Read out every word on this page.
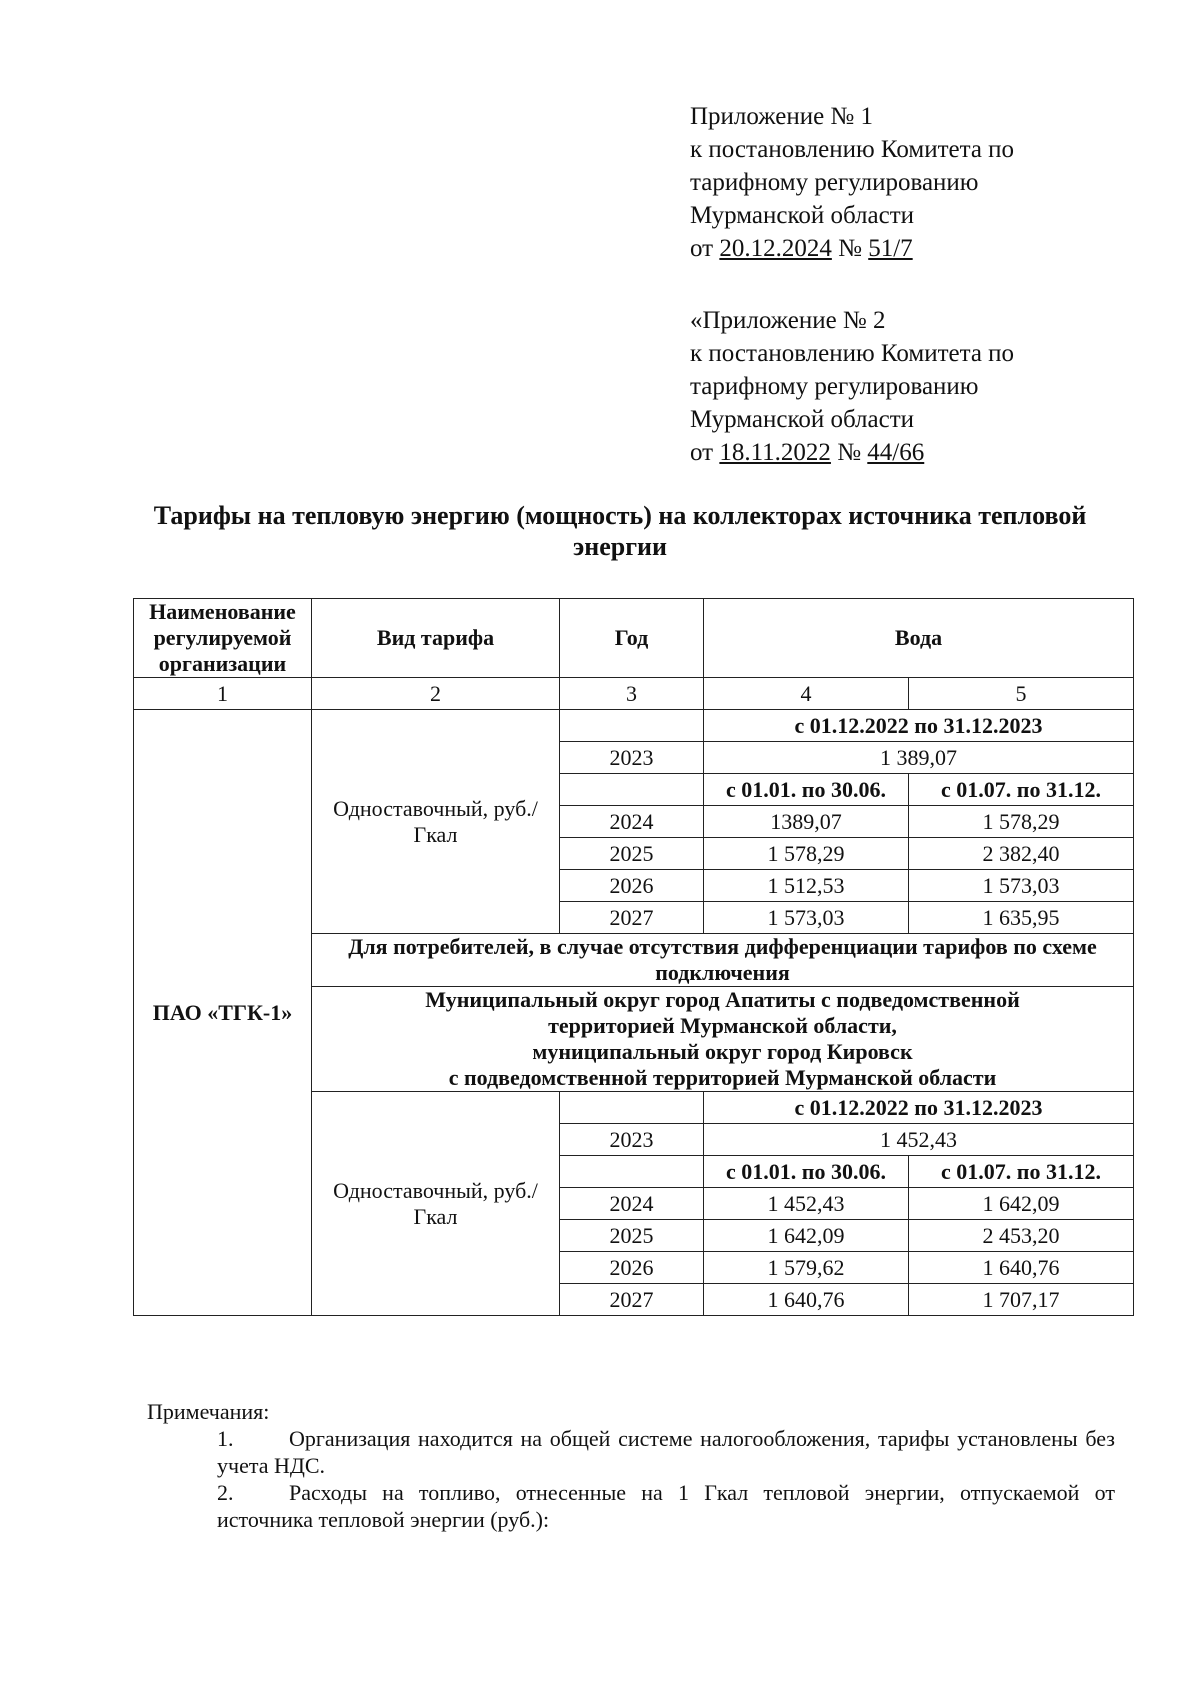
Приложение № 1
к постановлению Комитета по
тарифному регулированию
Мурманской области
от 20.12.2024 № 51/7
«Приложение № 2
к постановлению Комитета по
тарифному регулированию
Мурманской области
от 18.11.2022 № 44/66
Тарифы на тепловую энергию (мощность) на коллекторах источника тепловой энергии
Наименование регулируемой организации	Вид тарифа	Год	Вода	
1	2	3	4	5
ПАО «ТГК-1»	Одноставочный, руб./Гкал		с 01.12.2022 по 31.12.2023	
		2023	1 389,07	
			с 01.01. по 30.06.	с 01.07. по 31.12.
		2024	1389,07	1 578,29
		2025	1 578,29	2 382,40
		2026	1 512,53	1 573,03
		2027	1 573,03	1 635,95
	Для потребителей, в случае отсутствия дифференциации тарифов по схеме подключения			

	Муниципальный округ город Апатиты с подведомственной
территорией Мурманской области,
муниципальный округ город Кировск
с подведомственной территорией Мурманской области			

	Одноставочный, руб./Гкал		с 01.12.2022 по 31.12.2023	
		2023	1 452,43	
			с 01.01. по 30.06.	с 01.07. по 31.12.
		2024	1 452,43	1 642,09
		2025	1 642,09	2 453,20
		2026	1 579,62	1 640,76
		2027	1 640,76	1 707,17

Примечания:

1.	Организация находится на общей системе налогообложения, тарифы установлены без учета НДС.

2.	Расходы на топливо, отнесенные на 1 Гкал тепловой энергии, отпускаемой от источника тепловой энергии (руб.):
